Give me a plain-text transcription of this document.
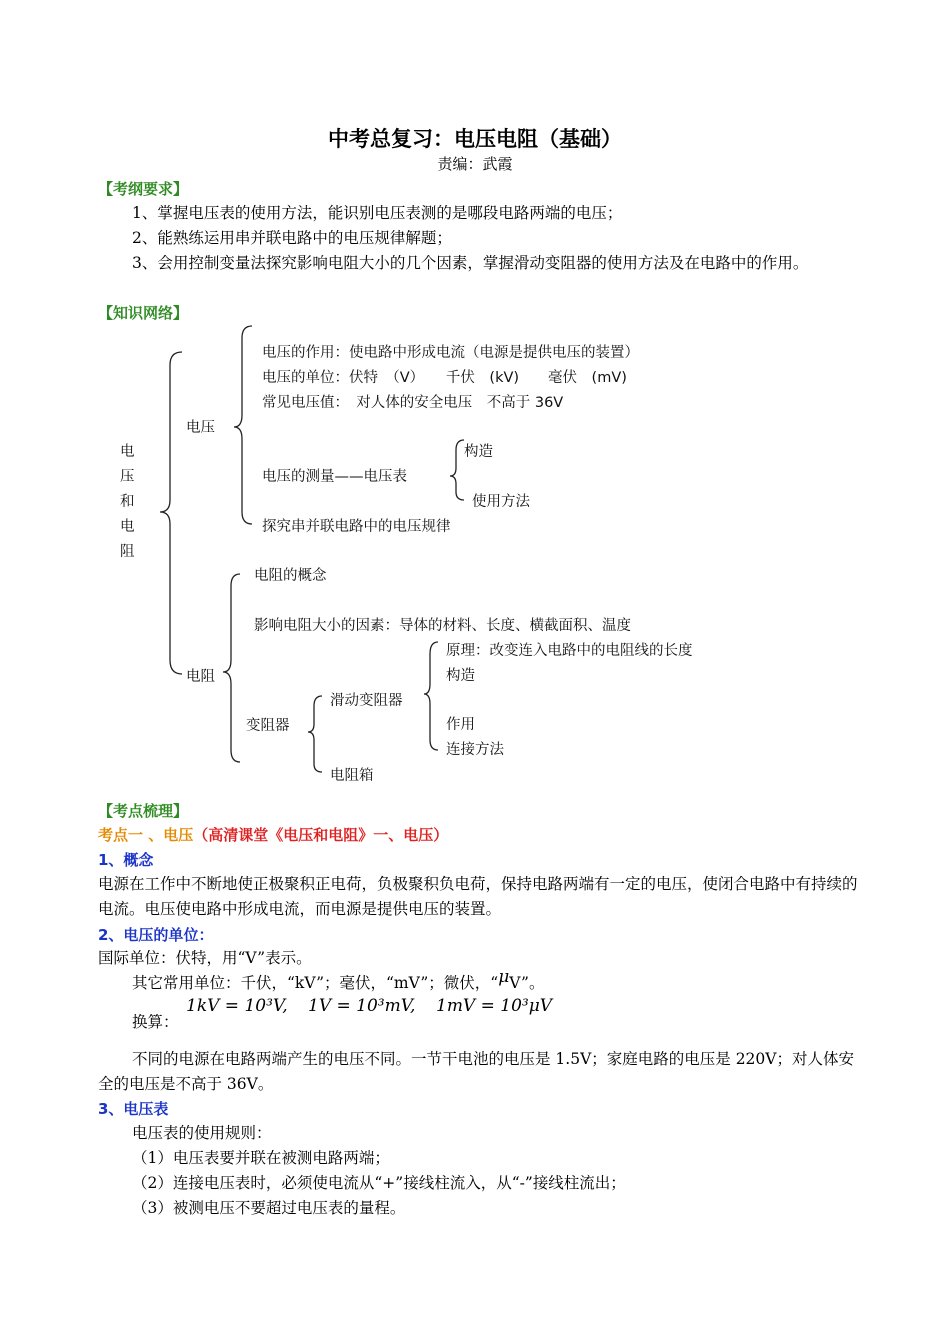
中考总复习：电压电阻（基础）
责编：武霞
【考纲要求】
1、掌握电压表的使用方法，能识别电压表测的是哪段电路两端的电压；
2、能熟练运用串并联电路中的电压规律解题；
3、会用控制变量法探究影响电阻大小的几个因素，掌握滑动变阻器的使用方法及在电路中的作用。
【知识网络】
电
压
和
电
阻
电压
电压的作用：使电路中形成电流（电源是提供电压的装置）
电压的单位：伏特　（V）　　千伏　(kV)　　毫伏　(mV)
常见电压值：　对人体的安全电压　不高于 36V
电压的测量——电压表
构造
使用方法
探究串并联电路中的电压规律
电阻
电阻的概念
影响电阻大小的因素：导体的材料、长度、横截面积、温度
变阻器
滑动变阻器
原理：改变连入电路中的电阻线的长度
构造
作用
连接方法
电阻箱
【考点梳理】
考点一 、电压（高清课堂《电压和电阻》一、电压）
1、概念
电源在工作中不断地使正极聚积正电荷，负极聚积负电荷，保持电路两端有一定的电压，使闭合电路中有持续的电流。电压使电路中形成电流，而电源是提供电压的装置。
2、电压的单位：
国际单位：伏特，用“V”表示。
其它常用单位：千伏，“kV”；毫伏，“mV”；微伏，“μV”。
换算：
1kV = 10³V, 1V = 10³mV, 1mV = 10³μV
不同的电源在电路两端产生的电压不同。一节干电池的电压是 1.5V；家庭电路的电压是 220V；对人体安全的电压是不高于 36V。
3、电压表
电压表的使用规则：
（1）电压表要并联在被测电路两端；
（2）连接电压表时，必须使电流从“+”接线柱流入，从“-”接线柱流出；
（3）被测电压不要超过电压表的量程。
